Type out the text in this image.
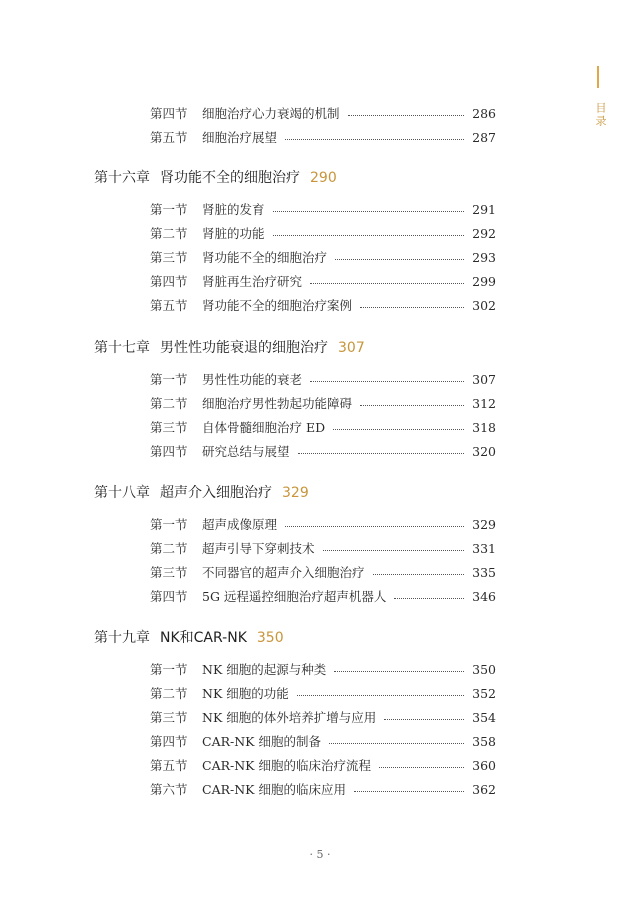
目录
第四节	细胞治疗心力衰竭的机制	286
第五节	细胞治疗展望	287
第十六章 肾功能不全的细胞治疗 290
第一节	肾脏的发育	291
第二节	肾脏的功能	292
第三节	肾功能不全的细胞治疗	293
第四节	肾脏再生治疗研究	299
第五节	肾功能不全的细胞治疗案例	302
第十七章 男性性功能衰退的细胞治疗 307
第一节	男性性功能的衰老	307
第二节	细胞治疗男性勃起功能障碍	312
第三节	自体骨髓细胞治疗 ED	318
第四节	研究总结与展望	320
第十八章 超声介入细胞治疗 329
第一节	超声成像原理	329
第二节	超声引导下穿刺技术	331
第三节	不同器官的超声介入细胞治疗	335
第四节	5G 远程遥控细胞治疗超声机器人	346
第十九章 NK和CAR-NK 350
第一节	NK 细胞的起源与种类	350
第二节	NK 细胞的功能	352
第三节	NK 细胞的体外培养扩增与应用	354
第四节	CAR-NK 细胞的制备	358
第五节	CAR-NK 细胞的临床治疗流程	360
第六节	CAR-NK 细胞的临床应用	362
· 5 ·
